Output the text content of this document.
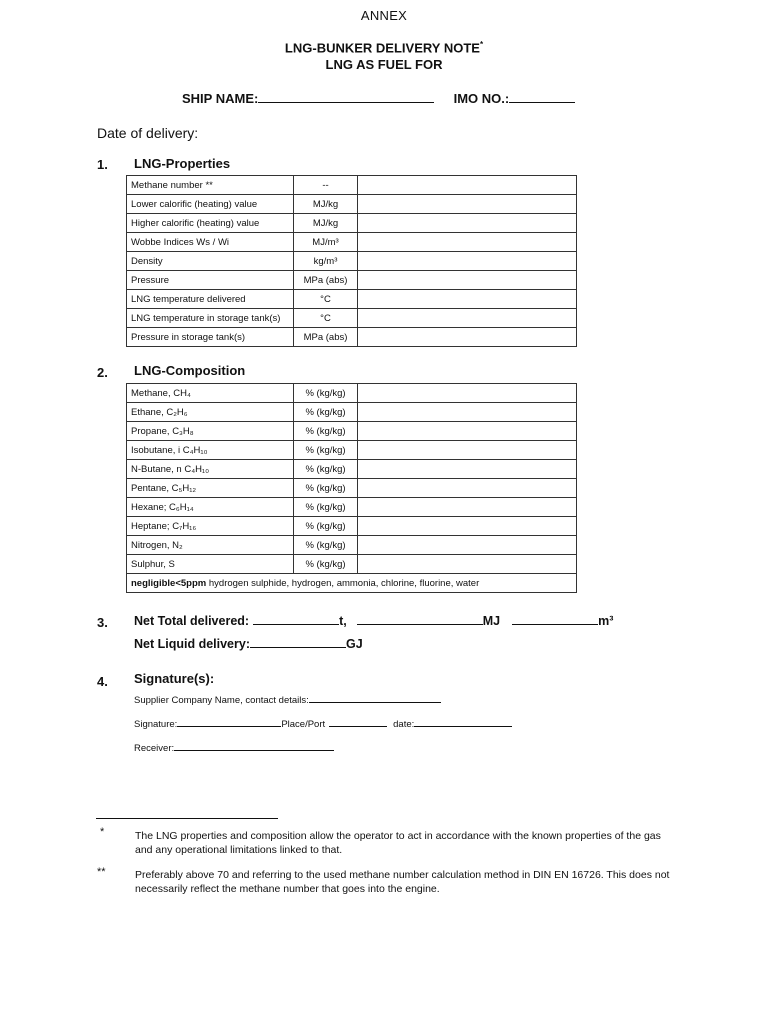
ANNEX
LNG-BUNKER DELIVERY NOTE*
LNG AS FUEL FOR
SHIP NAME:	IMO NO.:
Date of delivery:
1. LNG-Properties
Methane number **	--	
Lower calorific (heating) value	MJ/kg	
Higher calorific (heating) value	MJ/kg	
Wobbe Indices Ws / Wi	MJ/m³	
Density	kg/m³	
Pressure	MPa (abs)	
LNG temperature delivered	°C	
LNG temperature in storage tank(s)	°C	
Pressure in storage tank(s)	MPa (abs)	
2. LNG-Composition
Methane, CH₄	% (kg/kg)	
Ethane, C₂H₆	% (kg/kg)	
Propane, C₃H₈	% (kg/kg)	
Isobutane, i C₄H₁₀	% (kg/kg)	
N-Butane, n C₄H₁₀	% (kg/kg)	
Pentane, C₅H₁₂	% (kg/kg)	
Hexane; C₆H₁₄	% (kg/kg)	
Heptane; C₇H₁₆	% (kg/kg)	
Nitrogen, N₂	% (kg/kg)	
Sulphur, S	% (kg/kg)	
negligible<5ppm hydrogen sulphide, hydrogen, ammonia, chlorine, fluorine, water		
3. Net Total delivered:	t,	MJ	m³
Net Liquid delivery:	GJ
4. Signature(s):
Supplier Company Name, contact details:
Signature:	Place/Port	date:
Receiver:
*	The LNG properties and composition allow the operator to act in accordance with the known properties of the gas and any operational limitations linked to that.
**	Preferably above 70 and referring to the used methane number calculation method in DIN EN 16726. This does not necessarily reflect the methane number that goes into the engine.
